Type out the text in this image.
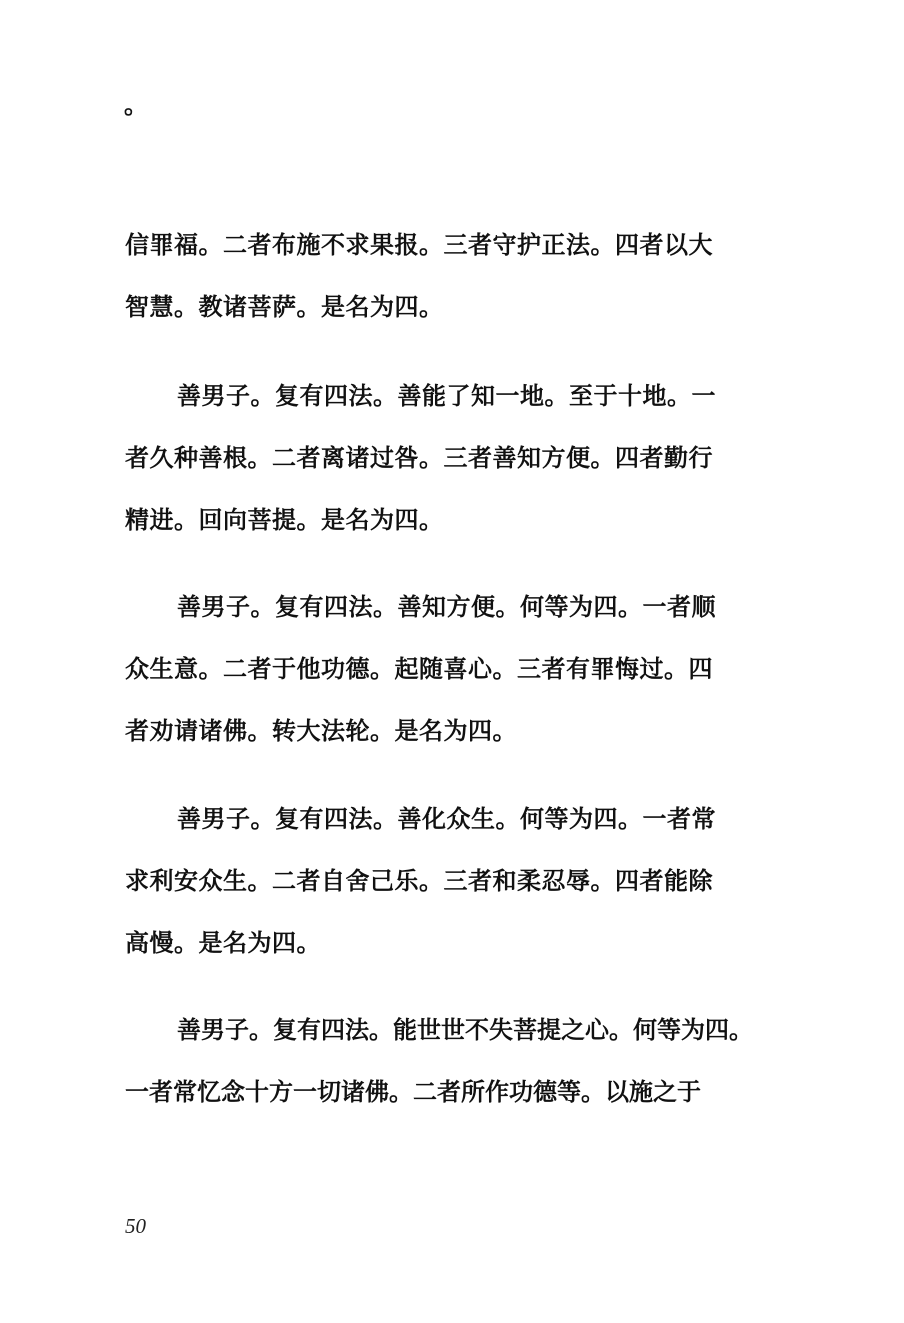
。
信罪福。二者布施不求果报。三者守护正法。四者以大
智慧。教诸菩萨。是名为四。
善男子。复有四法。善能了知一地。至于十地。一
者久种善根。二者离诸过咎。三者善知方便。四者勤行
精进。回向菩提。是名为四。
善男子。复有四法。善知方便。何等为四。一者顺
众生意。二者于他功德。起随喜心。三者有罪悔过。四
者劝请诸佛。转大法轮。是名为四。
善男子。复有四法。善化众生。何等为四。一者常
求利安众生。二者自舍己乐。三者和柔忍辱。四者能除
高慢。是名为四。
善男子。复有四法。能世世不失菩提之心。何等为四。
一者常忆念十方一切诸佛。二者所作功德等。以施之于
50
